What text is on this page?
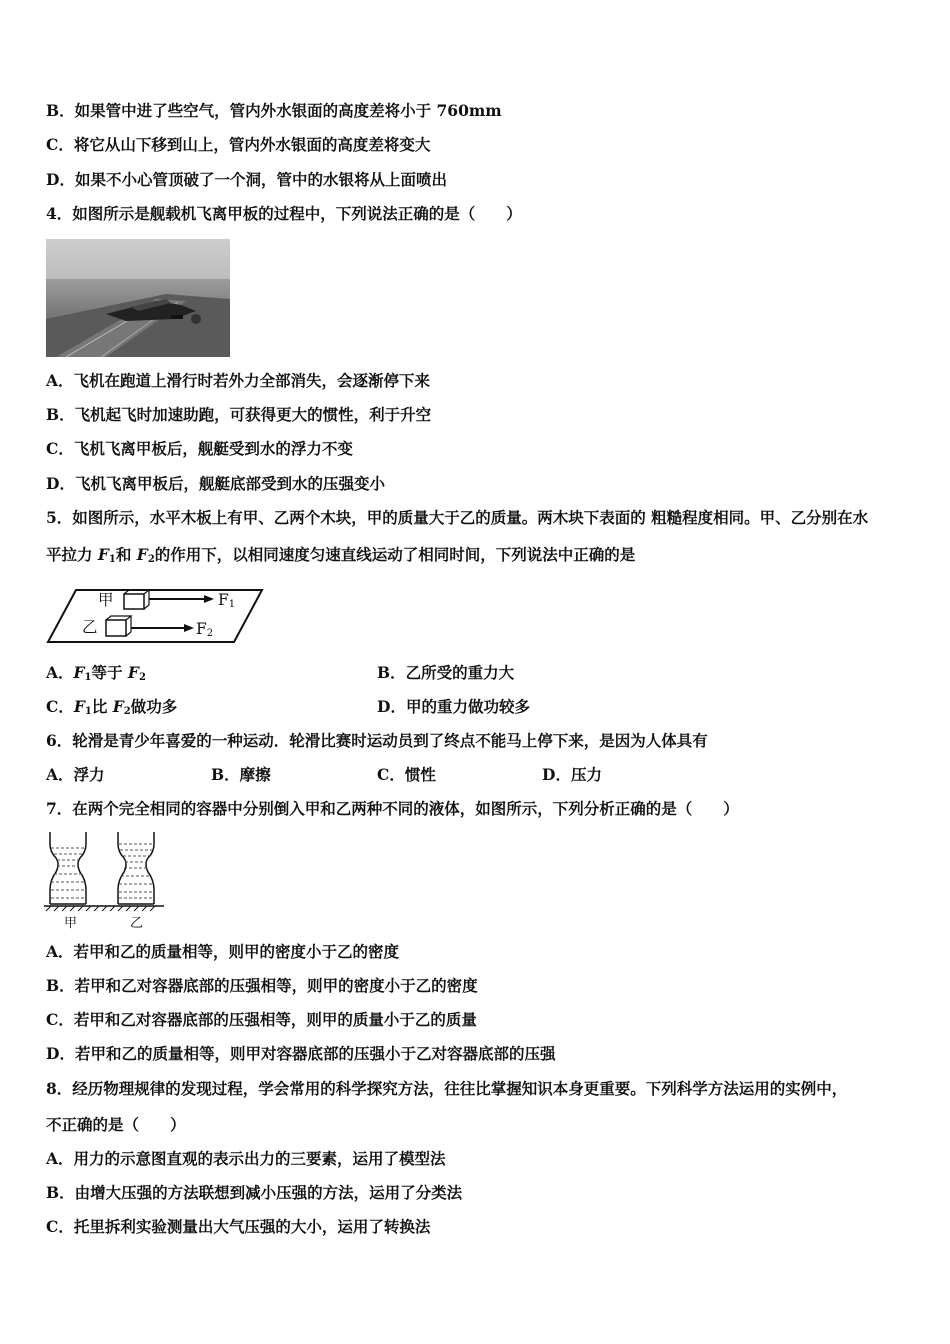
B．如果管中进了些空气，管内外水银面的高度差将小于 760mm
C．将它从山下移到山上，管内外水银面的高度差将变大
D．如果不小心管顶破了一个洞，管中的水银将从上面喷出
4．如图所示是舰载机飞离甲板的过程中，下列说法正确的是（　　）
A．飞机在跑道上滑行时若外力全部消失，会逐渐停下来
B．飞机起飞时加速助跑，可获得更大的惯性，利于升空
C．飞机飞离甲板后，舰艇受到水的浮力不变
D．飞机飞离甲板后，舰艇底部受到水的压强变小
5．如图所示，水平木板上有甲、乙两个木块，甲的质量大于乙的质量。两木块下表面的 粗糙程度相同。甲、乙分别在水
平拉力 $F_1$和 $F_2$的作用下，以相同速度匀速直线运动了相同时间，下列说法中正确的是
甲
乙
$F_1$
$F_2$
A．$F_1$等于 $F_2$	B．乙所受的重力大
C．$F_1$比 $F_2$做功多	D．甲的重力做功较多
6．轮滑是青少年喜爱的一种运动．轮滑比赛时运动员到了终点不能马上停下来，是因为人体具有
A．浮力	B．摩擦	C．惯性	D．压力
7．在两个完全相同的容器中分别倒入甲和乙两种不同的液体，如图所示，下列分析正确的是（　　）
甲	乙
A．若甲和乙的质量相等，则甲的密度小于乙的密度
B．若甲和乙对容器底部的压强相等，则甲的密度小于乙的密度
C．若甲和乙对容器底部的压强相等，则甲的质量小于乙的质量
D．若甲和乙的质量相等，则甲对容器底部的压强小于乙对容器底部的压强
8．经历物理规律的发现过程，学会常用的科学探究方法，往往比掌握知识本身更重要。下列科学方法运用的实例中，
不正确的是（　　）
A．用力的示意图直观的表示出力的三要素，运用了模型法
B．由增大压强的方法联想到减小压强的方法，运用了分类法
C．托里拆利实验测量出大气压强的大小，运用了转换法
